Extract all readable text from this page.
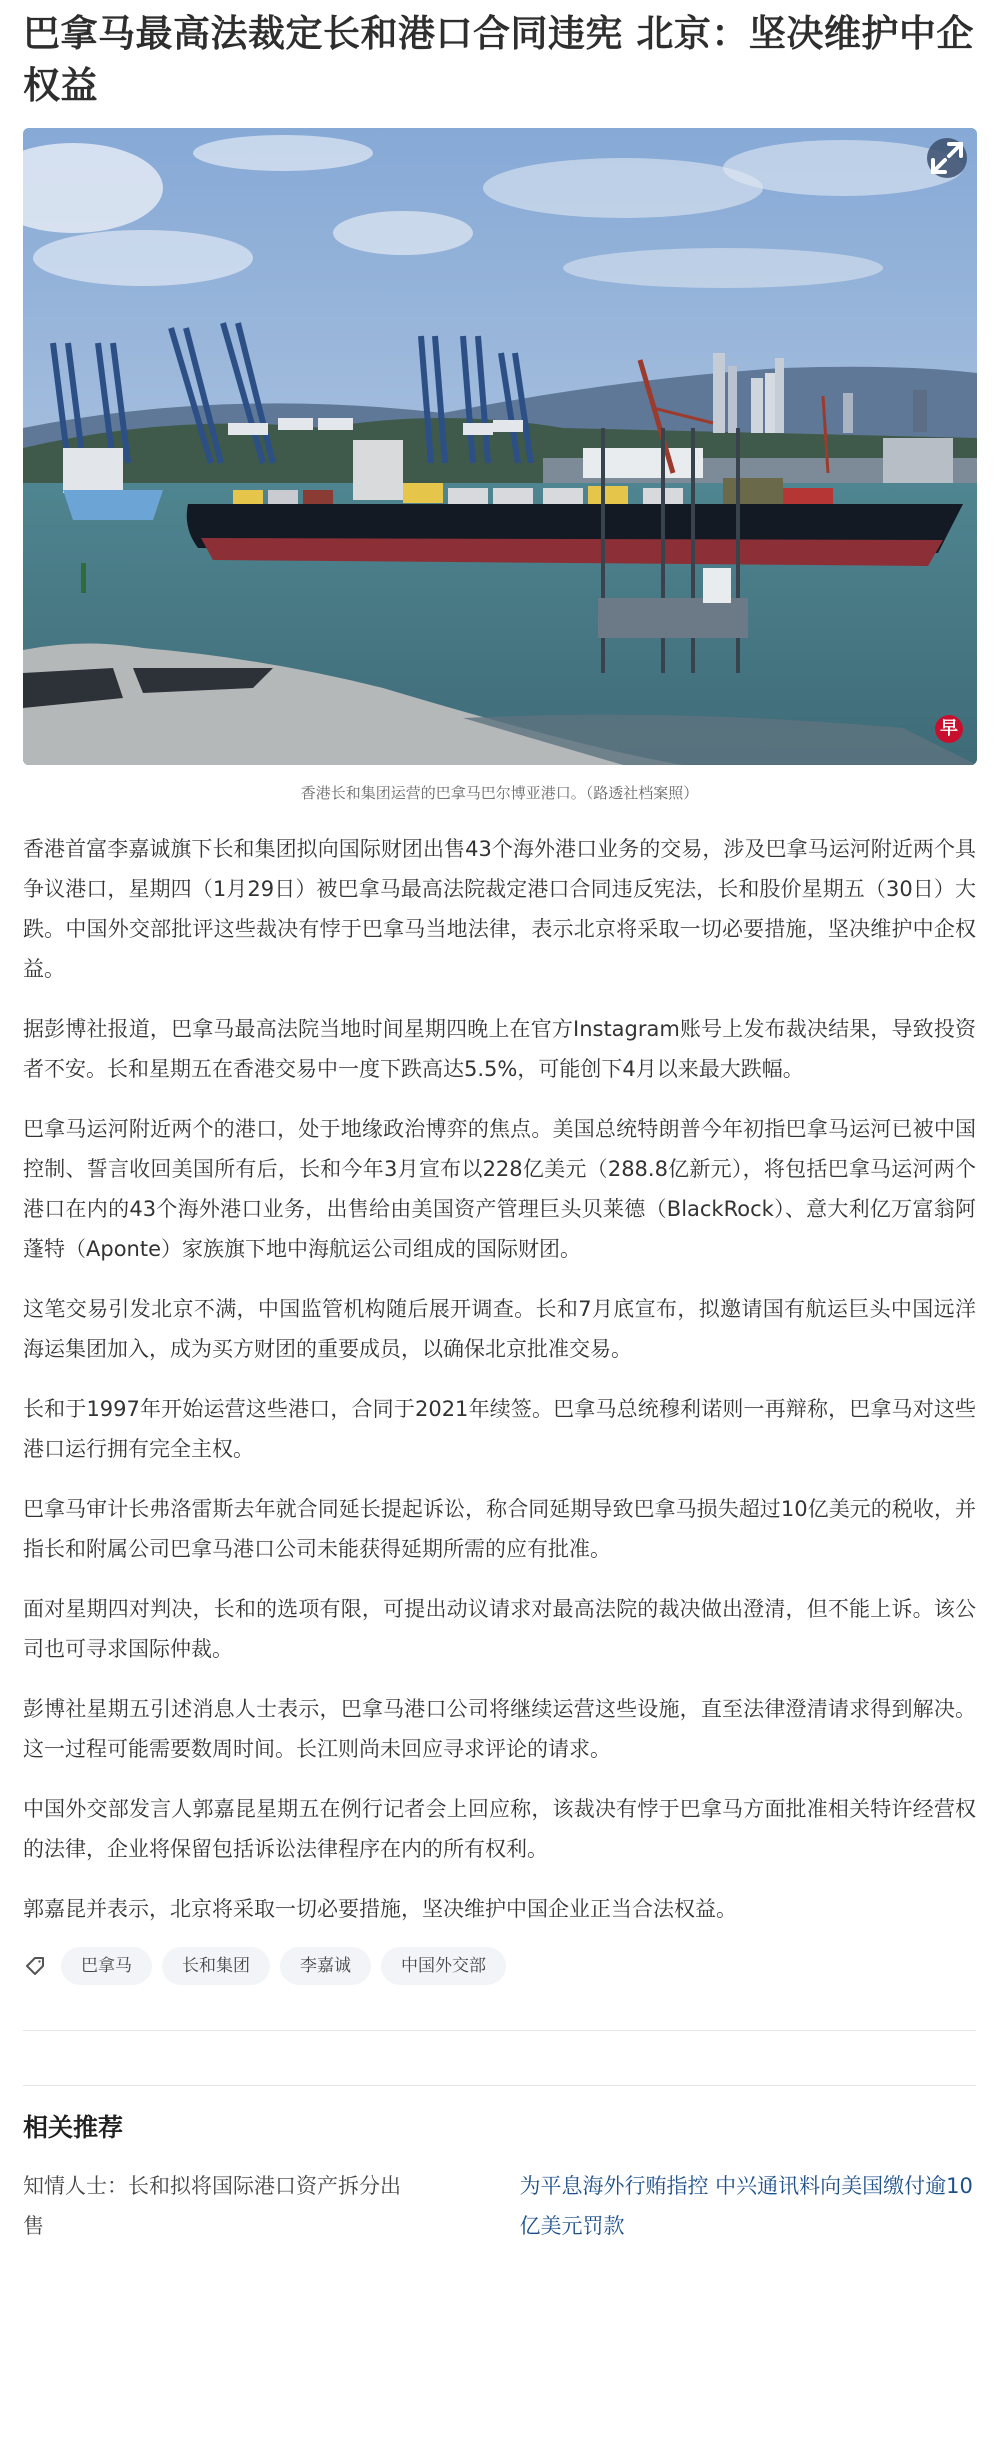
巴拿马最高法裁定长和港口合同违宪 北京：坚决维护中企权益
早
香港长和集团运营的巴拿马巴尔博亚港口。（路透社档案照）

香港首富李嘉诚旗下长和集团拟向国际财团出售43个海外港口业务的交易，涉及巴拿马运河附近两个具争议港口，星期四（1月29日）被巴拿马最高法院裁定港口合同违反宪法，长和股价星期五（30日）大跌。中国外交部批评这些裁决有悖于巴拿马当地法律，表示北京将采取一切必要措施，坚决维护中企权益。

据彭博社报道，巴拿马最高法院当地时间星期四晚上在官方Instagram账号上发布裁决结果，导致投资者不安。长和星期五在香港交易中一度下跌高达5.5%，可能创下4月以来最大跌幅。

巴拿马运河附近两个的港口，处于地缘政治博弈的焦点。美国总统特朗普今年初指巴拿马运河已被中国控制、誓言收回美国所有后，长和今年3月宣布以228亿美元（288.8亿新元），将包括巴拿马运河两个港口在内的43个海外港口业务，出售给由美国资产管理巨头贝莱德（BlackRock）、意大利亿万富翁阿蓬特（Aponte）家族旗下地中海航运公司组成的国际财团。

这笔交易引发北京不满，中国监管机构随后展开调查。长和7月底宣布，拟邀请国有航运巨头中国远洋海运集团加入，成为买方财团的重要成员，以确保北京批准交易。

长和于1997年开始运营这些港口，合同于2021年续签。巴拿马总统穆利诺则一再辩称，巴拿马对这些港口运行拥有完全主权。

巴拿马审计长弗洛雷斯去年就合同延长提起诉讼，称合同延期导致巴拿马损失超过10亿美元的税收，并指长和附属公司巴拿马港口公司未能获得延期所需的应有批准。

面对星期四对判决，长和的选项有限，可提出动议请求对最高法院的裁决做出澄清，但不能上诉。该公司也可寻求国际仲裁。

彭博社星期五引述消息人士表示，巴拿马港口公司将继续运营这些设施，直至法律澄清请求得到解决。这一过程可能需要数周时间。长江则尚未回应寻求评论的请求。

中国外交部发言人郭嘉昆星期五在例行记者会上回应称，该裁决有悖于巴拿马方面批准相关特许经营权的法律，企业将保留包括诉讼法律程序在内的所有权利。

郭嘉昆并表示，北京将采取一切必要措施，坚决维护中国企业正当合法权益。

巴拿马	长和集团	李嘉诚	中国外交部
相关推荐
知情人士：长和拟将国际港口资产拆分出售
为平息海外行贿指控 中兴通讯料向美国缴付逾10亿美元罚款
